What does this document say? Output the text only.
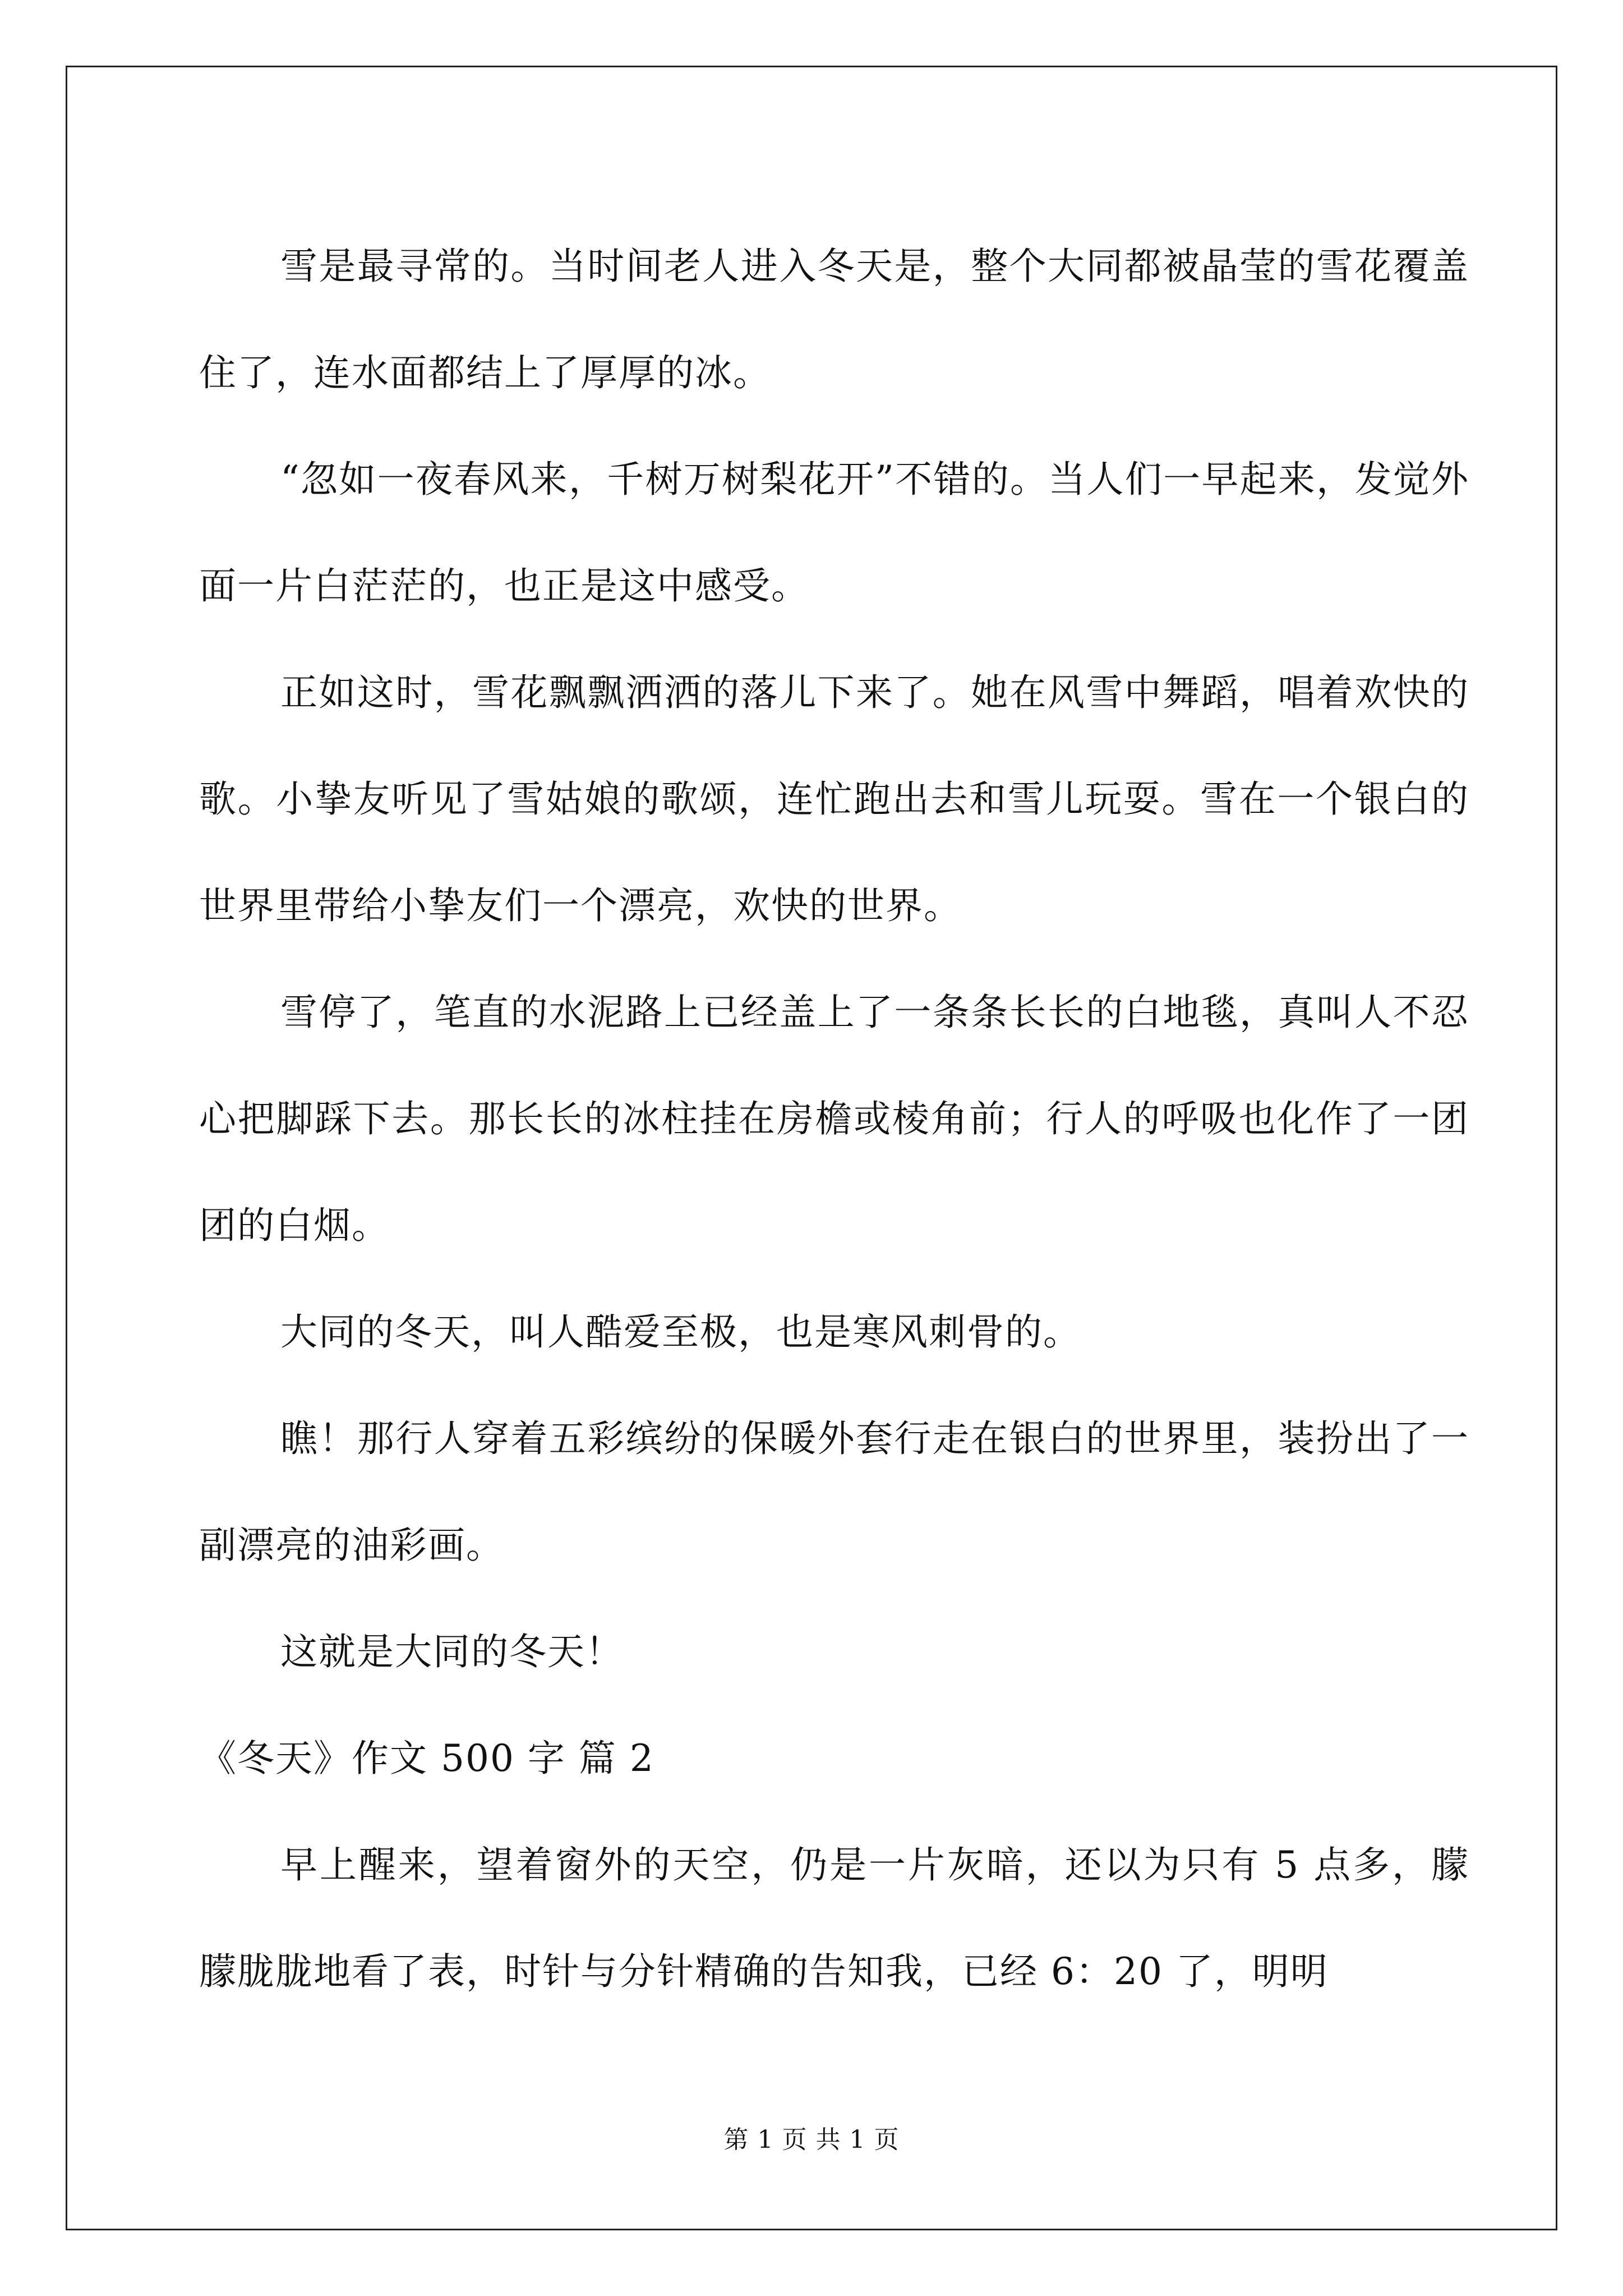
雪是最寻常的。当时间老人进入冬天是，整个大同都被晶莹的雪花覆盖住了，连水面都结上了厚厚的冰。

“忽如一夜春风来，千树万树梨花开”不错的。当人们一早起来，发觉外面一片白茫茫的，也正是这中感受。

正如这时，雪花飘飘洒洒的落儿下来了。她在风雪中舞蹈，唱着欢快的歌。小挚友听见了雪姑娘的歌颂，连忙跑出去和雪儿玩耍。雪在一个银白的世界里带给小挚友们一个漂亮，欢快的世界。

雪停了，笔直的水泥路上已经盖上了一条条长长的白地毯，真叫人不忍心把脚踩下去。那长长的冰柱挂在房檐或棱角前；行人的呼吸也化作了一团团的白烟。

大同的冬天，叫人酷爱至极，也是寒风刺骨的。

瞧！那行人穿着五彩缤纷的保暖外套行走在银白的世界里，装扮出了一副漂亮的油彩画。

这就是大同的冬天！

《冬天》作文 500 字 篇 2

早上醒来，望着窗外的天空，仍是一片灰暗，还以为只有 5 点多，朦朦胧胧地看了表，时针与分针精确的告知我，已经 6：20 了，明明

第 1 页 共 1 页
